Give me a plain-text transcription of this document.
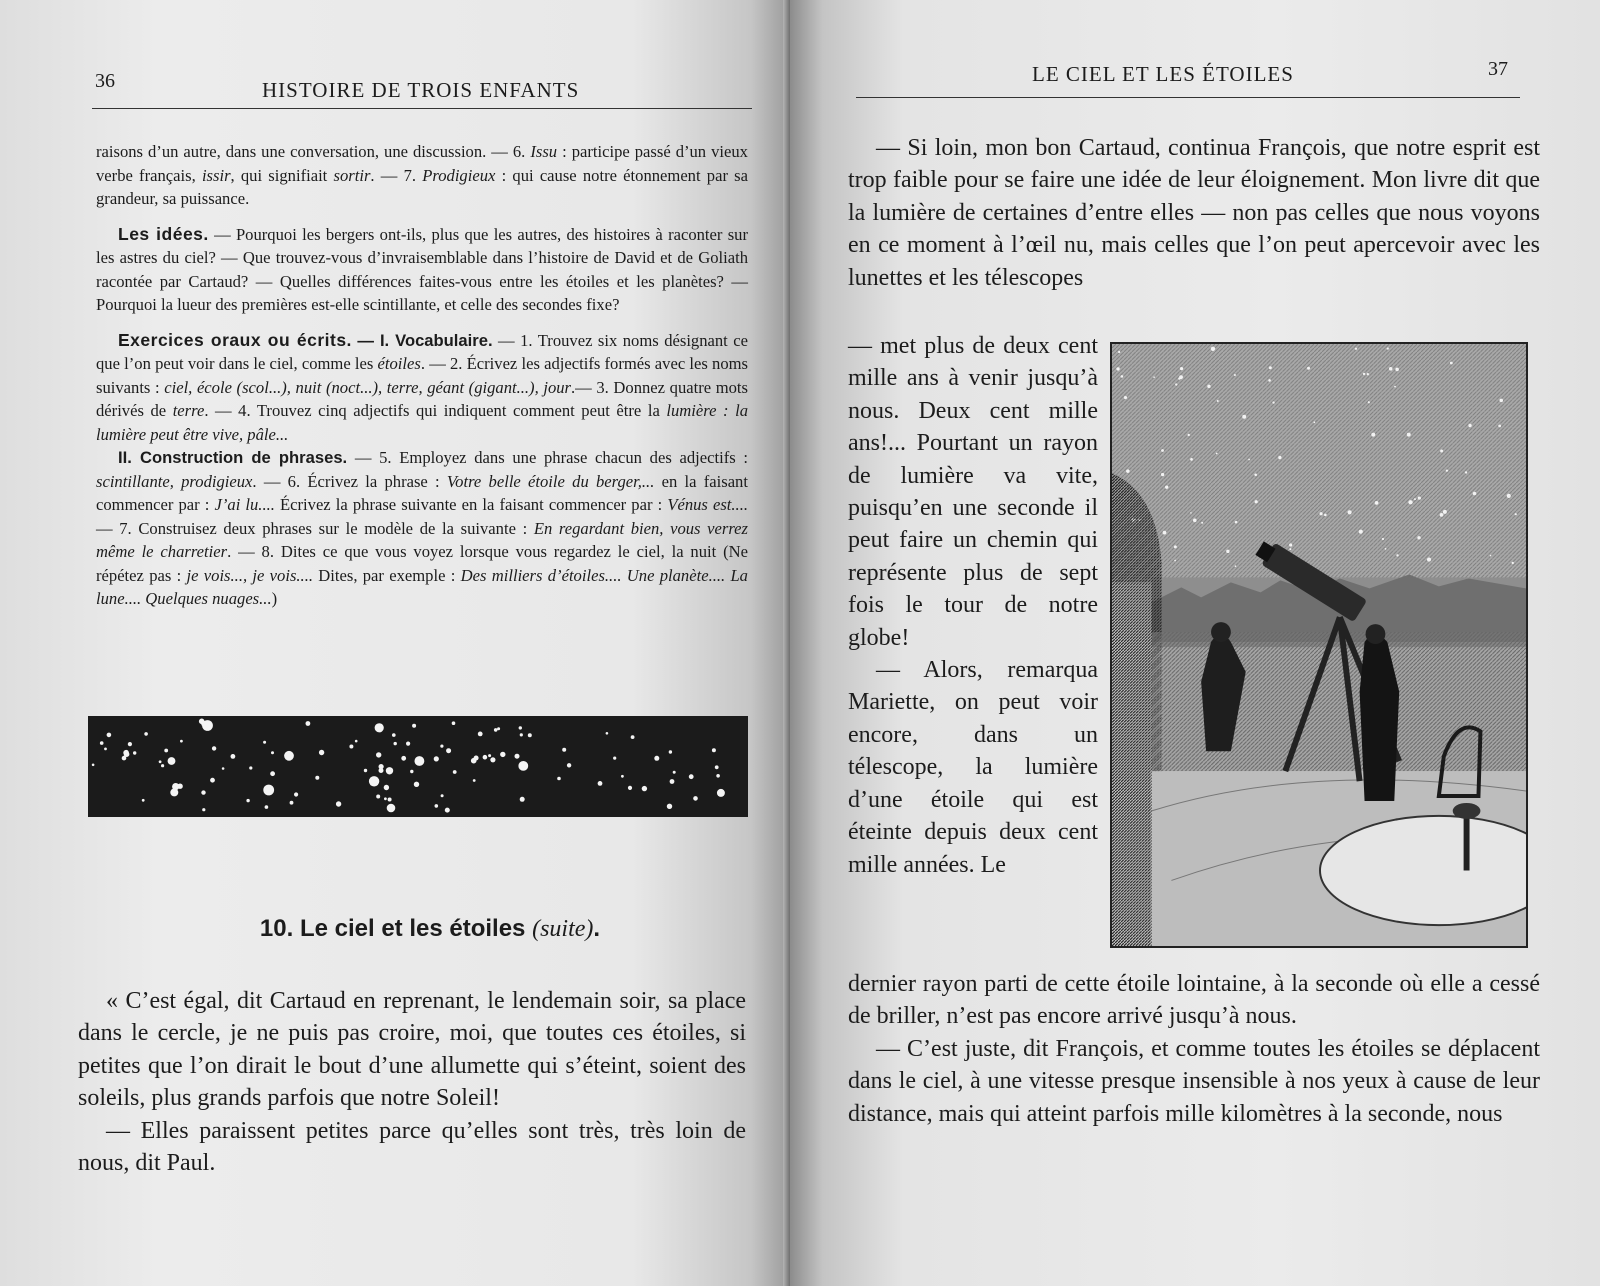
36	HISTOIRE DE TROIS ENFANTS

raisons d’un autre, dans une conversation, une discussion. — 6. Issu : participe passé d’un vieux verbe français, issir, qui signifiait sortir. — 7. Prodigieux : qui cause notre étonnement par sa grandeur, sa puissance.

Les idées. — Pourquoi les bergers ont-ils, plus que les autres, des histoires à raconter sur les astres du ciel? — Que trouvez-vous d’invraisemblable dans l’histoire de David et de Goliath racontée par Cartaud? — Quelles différences faites-vous entre les étoiles et les planètes? — Pourquoi la lueur des premières est-elle scintillante, et celle des secondes fixe?

Exercices oraux ou écrits. — I. Vocabulaire. — 1. Trouvez six noms désignant ce que l’on peut voir dans le ciel, comme les étoiles. — 2. Écrivez les adjectifs formés avec les noms suivants : ciel, école (scol...), nuit (noct...), terre, géant (gigant...), jour.— 3. Donnez quatre mots dérivés de terre. — 4. Trouvez cinq adjectifs qui indiquent comment peut être la lumière : la lumière peut être vive, pâle...

II. Construction de phrases. — 5. Employez dans une phrase chacun des adjectifs : scintillante, prodigieux. — 6. Écrivez la phrase : Votre belle étoile du berger,... en la faisant commencer par : J’ai lu.... Écrivez la phrase suivante en la faisant commencer par : Vénus est.... — 7. Construisez deux phrases sur le modèle de la suivante : En regardant bien, vous verrez même le charretier. — 8. Dites ce que vous voyez lorsque vous regardez le ciel, la nuit (Ne répétez pas : je vois..., je vois.... Dites, par exemple : Des milliers d’étoiles.... Une planète.... La lune.... Quelques nuages...)

10. Le ciel et les étoiles (suite).

« C’est égal, dit Cartaud en reprenant, le lendemain soir, sa place dans le cercle, je ne puis pas croire, moi, que toutes ces étoiles, si petites que l’on dirait le bout d’une allumette qui s’éteint, soient des soleils, plus grands parfois que notre Soleil!

— Elles paraissent petites parce qu’elles sont très, très loin de nous, dit Paul.

LE CIEL ET LES ÉTOILES	37

— Si loin, mon bon Cartaud, continua François, que notre esprit est trop faible pour se faire une idée de leur éloignement. Mon livre dit que la lumière de certaines d’entre elles — non pas celles que nous voyons en ce moment à l’œil nu, mais celles que l’on peut apercevoir avec les lunettes et les télescopes

— met plus de deux cent mille ans à venir jusqu’à nous. Deux cent mille ans!... Pourtant un rayon de lumière va vite, puisqu’en une seconde il peut faire un chemin qui représente plus de sept fois le tour de notre globe!

— Alors, remarqua Mariette, on peut voir encore, dans un télescope, la lumière d’une étoile qui est éteinte depuis deux cent mille années. Le

dernier rayon parti de cette étoile lointaine, à la seconde où elle a cessé de briller, n’est pas encore arrivé jusqu’à nous.

— C’est juste, dit François, et comme toutes les étoiles se déplacent dans le ciel, à une vitesse presque insensible à nos yeux à cause de leur distance, mais qui atteint parfois mille kilomètres à la seconde, nous
